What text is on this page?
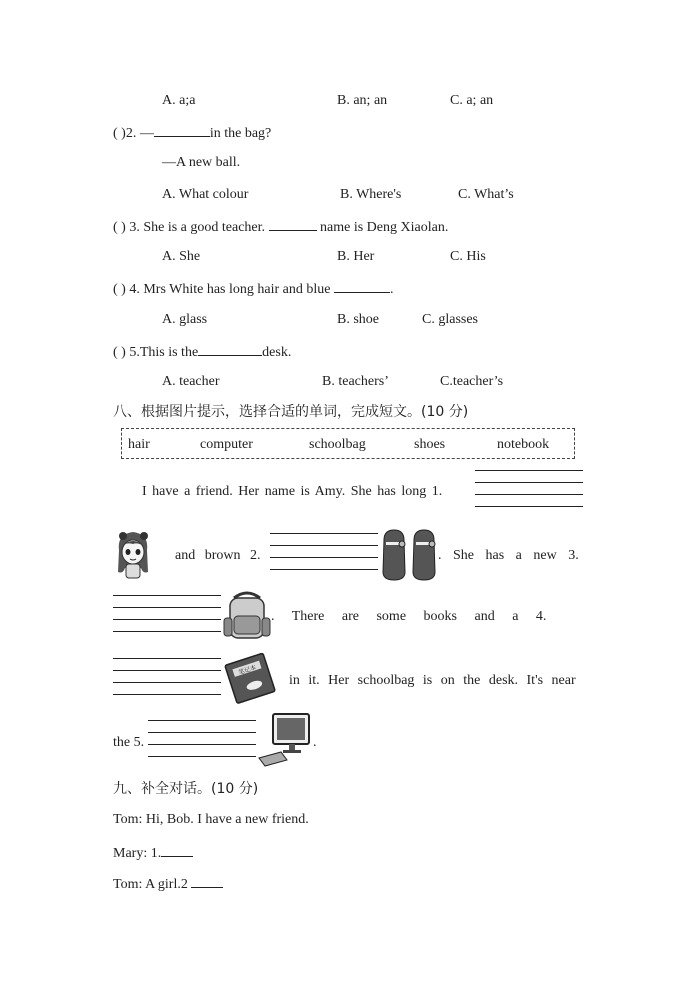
A. a;a	B. an; an	C. a; an
( )2. —	in the bag?
—A new ball.
A. What colour	B. Where's	C. What’s
( ) 3. She is a good teacher.	name is Deng Xiaolan.
A. She	B. Her	C. His
( ) 4. Mrs White has long hair and blue	.
A. glass	B. shoe	C. glasses
( ) 5.This is the	desk.
A. teacher	B. teachers’	C.teacher’s
八、根据图片提示，选择合适的单词，完成短文。(10 分)
hair	computer	schoolbag	shoes	notebook
I have a friend. Her name is Amy. She has long 1.
and brown 2.	. She has a new 3.
. There are some books and a 4.
笔记本
in it. Her schoolbag is on the desk. It's near
the 5.	.
九、补全对话。(10 分)
Tom: Hi, Bob. I have a new friend.
Mary: 1.
Tom: A girl.2
